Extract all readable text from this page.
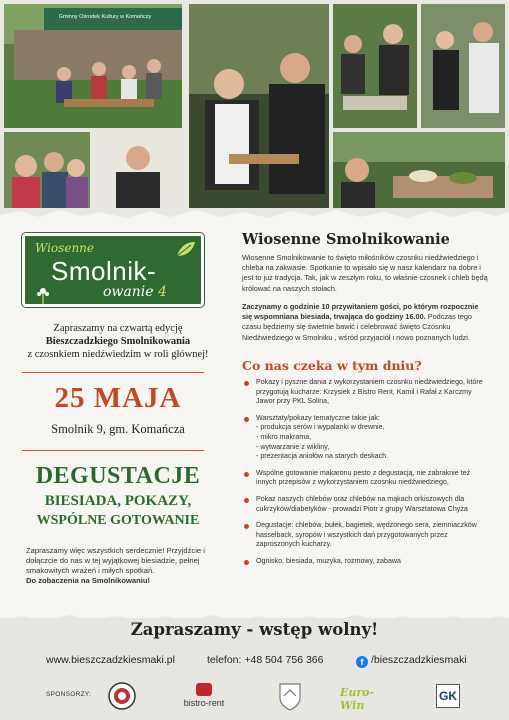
Gminny Ośrodek Kultury w Komańczy
Wiosenne
Smolnik-
owanie 4
Zapraszamy na czwartą edycję
Bieszczadzkiego Smolnikowania
z czosnkiem niedźwiedzim w roli głównej!
25 MAJA
Smolnik 9, gm. Komańcza
DEGUSTACJE
BIESIADA, POKAZY,
WSPÓLNE GOTOWANIE
Zapraszamy więc wszystkich serdecznie! Przyjdźcie i dołączcie do nas w tej wyjątkowej biesiadzie, pełnej smakowitych wrażeń i miłych spotkań.
Do zobaczenia na Smolnikowaniu!
Wiosenne Smolnikowanie
Wiosenne Smolnikowanie to święto miłośników czosnku niedźwiedziego i chleba na zakwasie. Spotkanie to wpisało się w nasz kalendarz na dobre i jest to już tradycja. Tak, jak w zeszłym roku, to właśnie czosnek i chleb będą królować na naszych stołach.
Zaczynamy o godzinie 10 przywitaniem gości, po którym rozpocznie się wspomniana biesiada, trwająca do godziny 16.00. Podczas tego czasu będziemy się świetnie bawić i celebrować święto Czosnku Niedźwiedziego w Smolniku , wśród przyjaciół i nowo poznanych ludzi.
Co nas czeka w tym dniu?
Pokazy i pyszne dania z wykorzystaniem czosnku niedźwiedziego, które
przygotują kucharze: Krzysiek z Bistro Rent, Kamil i Rafał z Karczmy
Jawor przy PKL Solina,
Warsztaty/pokazy tematyczne takie jak:
- produkcja serów i wypalanki w drewnie,
- mikro makrama,
- wytwarzanie z wikliny,
- prezentacja aniołów na starych deskach.
Wspólne gotowanie makaronu pesto z degustacją, nie zabraknie też
innych przepisów z wykorzystaniem czosnku niedźwiedziego,
Pokaz naszych chlebów oraz chlebów na mąkach orkiszowych dla
cukrzyków/diabetyków - prowadzi Piotr z grupy Warsztatowa Chyża
Degustacje: chlebów, bułek, bagietek, wędzonego sera, ziemniaczków
hasselback, syropów i wszystkich dań przygotowanych przez
zaproszonych kucharzy.
Ognisko, biesiada, muzyka, rozmowy, zabawa
Zapraszamy - wstęp wolny!
www.bieszczadzkiesmaki.pl	telefon: +48 504 756 366	f /bieszczadzkiesmaki
SPONSORZY:
bistro-rent
Euro-Win
GK
